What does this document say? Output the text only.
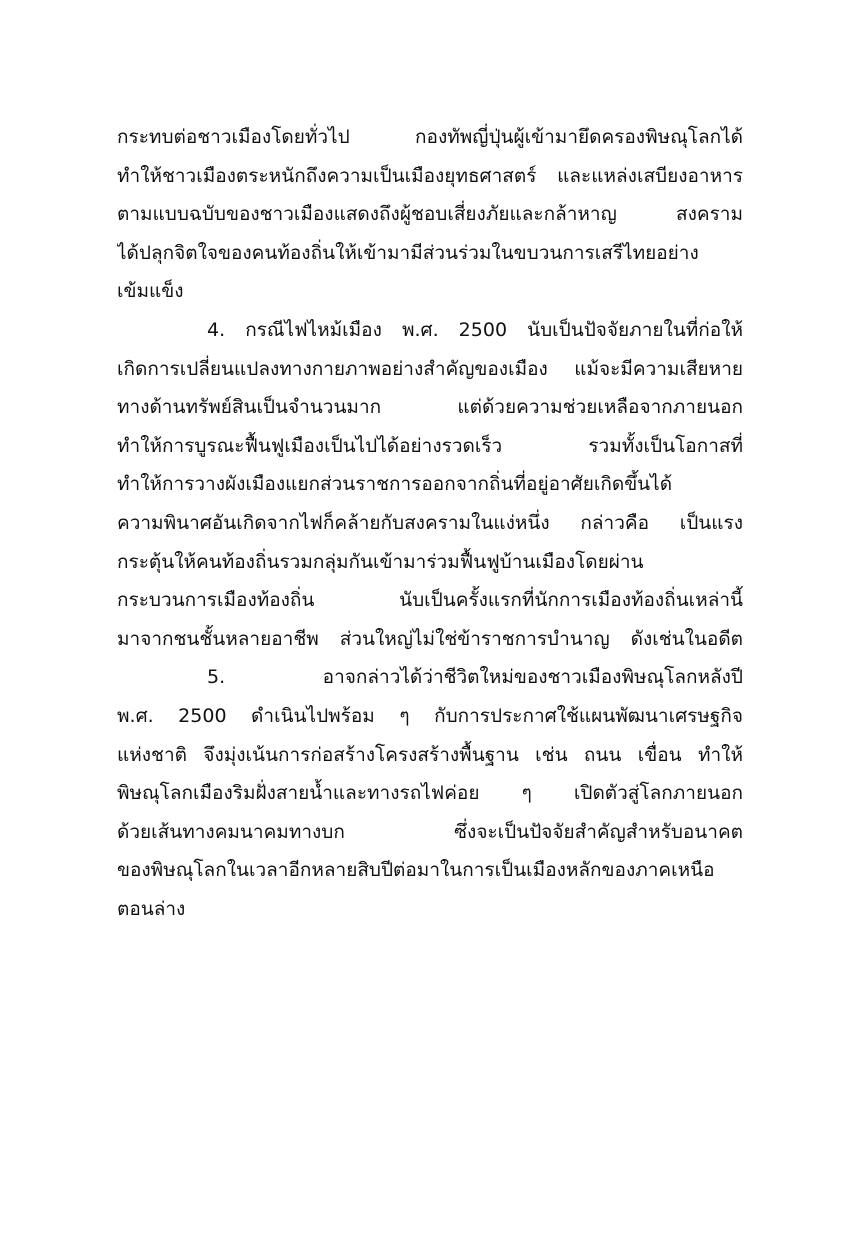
กระทบต่อชาวเมืองโดยทั่วไป กองทัพญี่ปุ่นผู้เข้ามายึดครองพิษณุโลกได้
ทำให้ชาวเมืองตระหนักถึงความเป็นเมืองยุทธศาสตร์ และแหล่งเสบียงอาหาร
ตามแบบฉบับของชาวเมืองแสดงถึงผู้ชอบเสี่ยงภัยและกล้าหาญ สงคราม
ได้ปลุกจิตใจของคนท้องถิ่นให้เข้ามามีส่วนร่วมในขบวนการเสรีไทยอย่าง
เข้มแข็ง
4. กรณีไฟไหม้เมือง พ.ศ. 2500 นับเป็นปัจจัยภายในที่ก่อให้
เกิดการเปลี่ยนแปลงทางกายภาพอย่างสำคัญของเมือง แม้จะมีความเสียหาย
ทางด้านทรัพย์สินเป็นจำนวนมาก แต่ด้วยความช่วยเหลือจากภายนอก
ทำให้การบูรณะฟื้นฟูเมืองเป็นไปได้อย่างรวดเร็ว รวมทั้งเป็นโอกาสที่
ทำให้การวางผังเมืองแยกส่วนราชการออกจากถิ่นที่อยู่อาศัยเกิดขึ้นได้
ความพินาศอันเกิดจากไฟก็คล้ายกับสงครามในแง่หนึ่ง กล่าวคือ เป็นแรง
กระตุ้นให้คนท้องถิ่นรวมกลุ่มกันเข้ามาร่วมฟื้นฟูบ้านเมืองโดยผ่าน
กระบวนการเมืองท้องถิ่น นับเป็นครั้งแรกที่นักการเมืองท้องถิ่นเหล่านี้
มาจากชนชั้นหลายอาชีพ ส่วนใหญ่ไม่ใช่ข้าราชการบำนาญ ดังเช่นในอดีต
5. อาจกล่าวได้ว่าชีวิตใหม่ของชาวเมืองพิษณุโลกหลังปี
พ.ศ. 2500 ดำเนินไปพร้อม ๆ กับการประกาศใช้แผนพัฒนาเศรษฐกิจ
แห่งชาติ จึงมุ่งเน้นการก่อสร้างโครงสร้างพื้นฐาน เช่น ถนน เขื่อน ทำให้
พิษณุโลกเมืองริมฝั่งสายน้ำและทางรถไฟค่อย ๆ เปิดตัวสู่โลกภายนอก
ด้วยเส้นทางคมนาคมทางบก ซึ่งจะเป็นปัจจัยสำคัญสำหรับอนาคต
ของพิษณุโลกในเวลาอีกหลายสิบปีต่อมาในการเป็นเมืองหลักของภาคเหนือ
ตอนล่าง
